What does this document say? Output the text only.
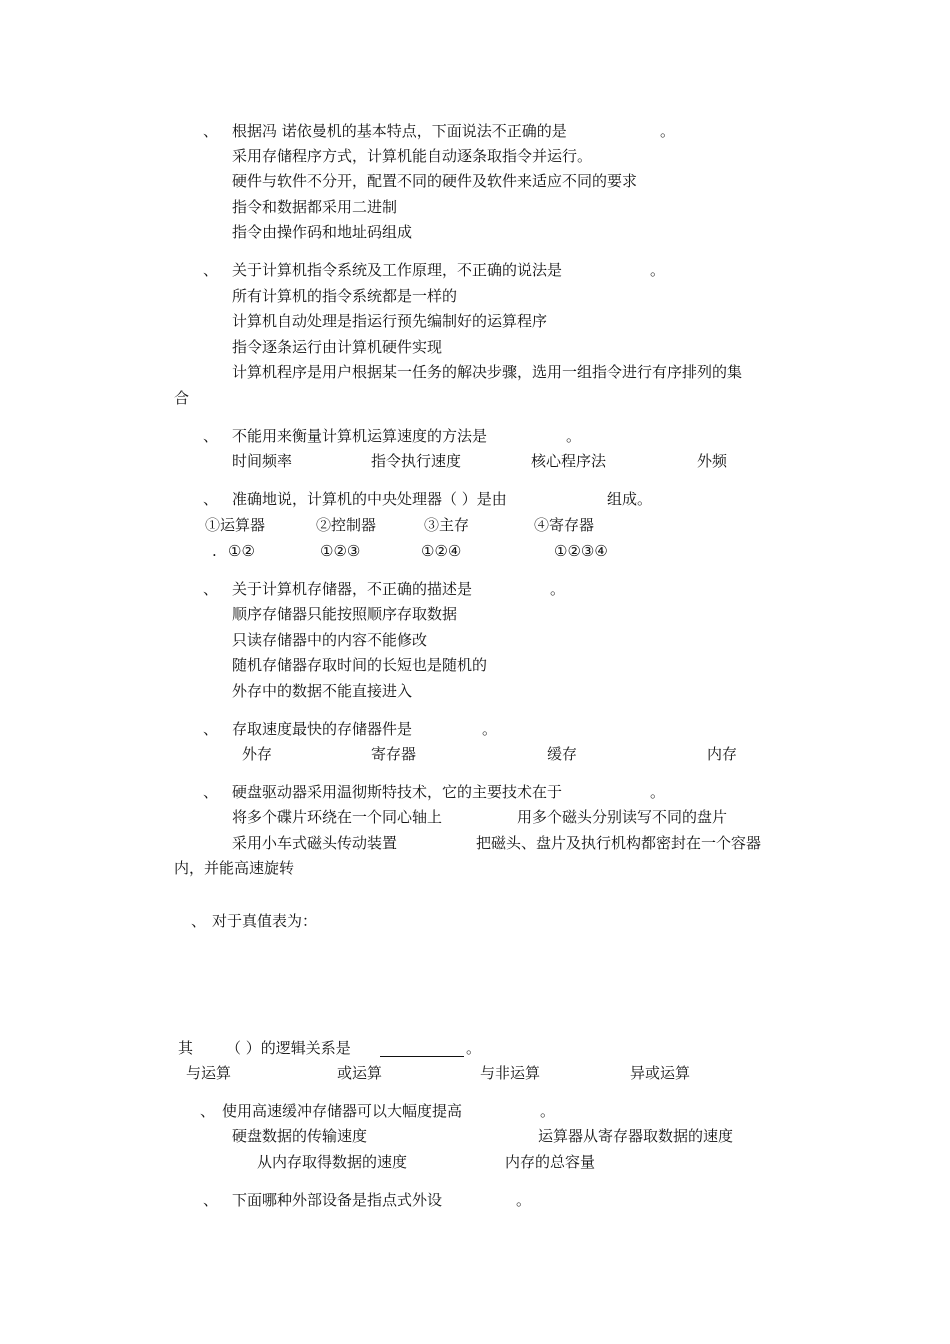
、 根据冯 诺依曼机的基本特点，下面说法不正确的是	。
采用存储程序方式，计算机能自动逐条取指令并运行。
硬件与软件不分开，配置不同的硬件及软件来适应不同的要求
指令和数据都采用二进制
指令由操作码和地址码组成
、 关于计算机指令系统及工作原理，不正确的说法是	。
所有计算机的指令系统都是一样的
计算机自动处理是指运行预先编制好的运算程序
指令逐条运行由计算机硬件实现
计算机程序是用户根据某一任务的解决步骤，选用一组指令进行有序排列的集
合
、 不能用来衡量计算机运算速度的方法是	。
时间频率	指令执行速度	核心程序法	外频
、 准确地说，计算机的中央处理器（ ）是由	组成。
①运算器	②控制器	③主存	④寄存器
. ①②	①②③	①②④	①②③④
、 关于计算机存储器，不正确的描述是	。
顺序存储器只能按照顺序存取数据
只读存储器中的内容不能修改
随机存储器存取时间的长短也是随机的
外存中的数据不能直接进入
、 存取速度最快的存储器件是	。
外存	寄存器	缓存	内存
、 硬盘驱动器采用温彻斯特技术，它的主要技术在于	。
将多个碟片环绕在一个同心轴上	用多个磁头分别读写不同的盘片
采用小车式磁头传动装置	把磁头、盘片及执行机构都密封在一个容器
内，并能高速旋转
、 对于真值表为：
其 （ ）的逻辑关系是	。
与运算	或运算	与非运算	异或运算
、 使用高速缓冲存储器可以大幅度提高	。
硬盘数据的传输速度	运算器从寄存器取数据的速度
从内存取得数据的速度	内存的总容量
、 下面哪种外部设备是指点式外设	。
